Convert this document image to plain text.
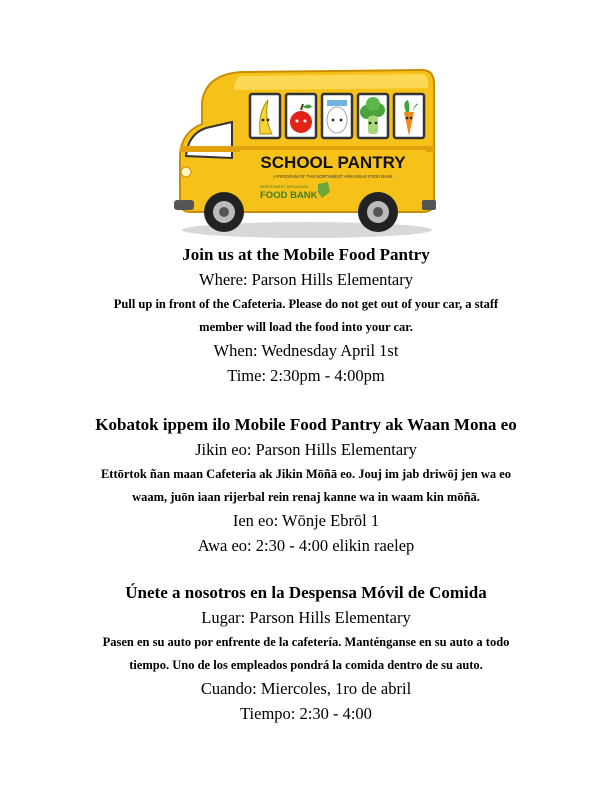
SCHOOL PANTRY
A PROGRAM OF THE NORTHWEST ARKANSAS FOOD BANK
NORTHWEST ARKANSAS
FOOD BANK
Join us at the Mobile Food Pantry
Where: Parson Hills Elementary
Pull up in front of the Cafeteria. Please do not get out of your car, a staff
member will load the food into your car.
When: Wednesday April 1st
Time: 2:30pm - 4:00pm
Kobatok ippem ilo Mobile Food Pantry ak Waan Mona eo
Jikin eo: Parson Hills Elementary
Ettōrtok ñan maan Cafeteria ak Jikin Mōñā eo. Jouj im jab driwōj jen wa eo
waam, juōn iaan rijerbal rein renaj kanne wa in waam kin mōñā.
Ien eo: Wōnje Ebrōl 1
Awa eo: 2:30 - 4:00 elikin raelep
Únete a nosotros en la Despensa Móvil de Comida
Lugar: Parson Hills Elementary
Pasen en su auto por enfrente de la cafetería. Manténganse en su auto a todo
tiempo. Uno de los empleados pondrá la comida dentro de su auto.
Cuando: Miercoles, 1ro de abril
Tiempo: 2:30 - 4:00
